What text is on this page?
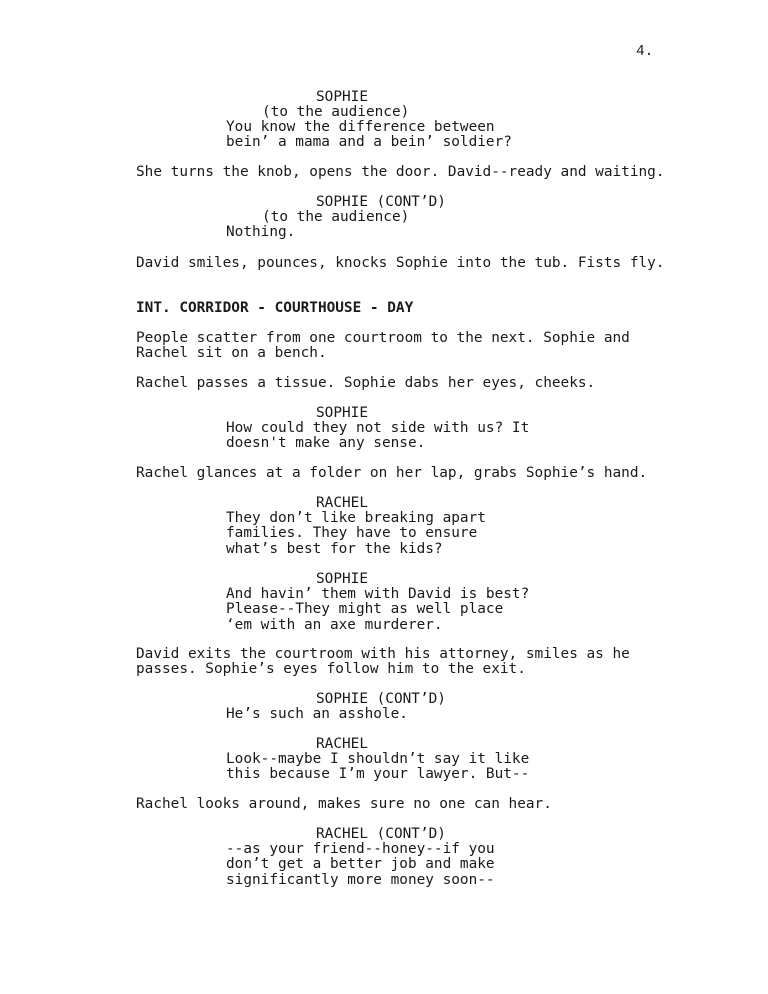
4.
SOPHIE
(to the audience)
You know the difference between
bein’ a mama and a bein’ soldier?
She turns the knob, opens the door. David--ready and waiting.
SOPHIE (CONT’D)
(to the audience)
Nothing.
David smiles, pounces, knocks Sophie into the tub. Fists fly.
INT. CORRIDOR - COURTHOUSE - DAY
People scatter from one courtroom to the next. Sophie and
Rachel sit on a bench.
Rachel passes a tissue. Sophie dabs her eyes, cheeks.
SOPHIE
How could they not side with us? It
doesn't make any sense.
Rachel glances at a folder on her lap, grabs Sophie’s hand.
RACHEL
They don’t like breaking apart
families. They have to ensure
what’s best for the kids?
SOPHIE
And havin’ them with David is best?
Please--They might as well place
‘em with an axe murderer.
David exits the courtroom with his attorney, smiles as he
passes. Sophie’s eyes follow him to the exit.
SOPHIE (CONT’D)
He’s such an asshole.
RACHEL
Look--maybe I shouldn’t say it like
this because I’m your lawyer. But--
Rachel looks around, makes sure no one can hear.
RACHEL (CONT’D)
--as your friend--honey--if you
don’t get a better job and make
significantly more money soon--
